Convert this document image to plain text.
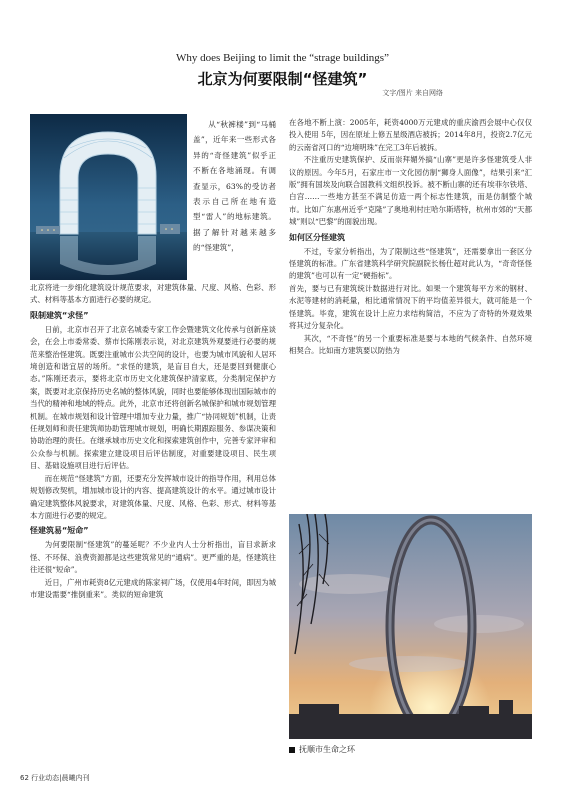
Why does Beijing to limit the “strage buildings”
北京为何要限制“怪建筑”
文字/图片 来自网络
抚顺市生命之环

从“秋裤楼”到“马桶盖”，近年来一些形式各异的“奇怪建筑”似乎正不断在各地涌现。有调查显示，63%的受访者表示自己所在地有造型“雷人”的地标建筑。据了解针对越来越多的“怪建筑”，

北京将进一步细化建筑设计规范要求，对建筑体量、尺度、风格、色彩、形式、材料等基本方面进行必要的规定。

限制建筑“求怪”

日前，北京市召开了北京名城委专家工作会暨建筑文化传承与创新座谈会，在会上市委常委、蔡市长陈刚表示说，对北京建筑外观要进行必要的规范来整治怪建筑。既要注重城市公共空间的设计，也要为城市风貌和人居环境创造和谐宜居的场所。“求怪的建筑，是盲目自大，还是要回到健康心态。”陈刚还表示，要将北京市历史文化建筑保护清家底，分类制定保护方案，既要对北京保持历史名城的整体风貌，同时也要能够体现出国际城市的当代的精神和地域的特点。此外，北京市还将创新名城保护和城市规划管理机制。在城市规划和设计管理中增加专业力量，推广“协同规划”机制，让责任规划师和责任建筑师协助管理城市规划，明确长期跟踪服务、参谋决策和协助治理的责任。在继承城市历史文化和探索建筑创作中，完善专家评审和公众参与机制。探索建立建设项目后评估制度，对重要建设项目、民生项目、基础设施项目进行后评估。

而在规范“怪建筑”方面，还要充分发挥城市设计的指导作用，利用总体规划修改契机，增加城市设计的内容、提高建筑设计的水平。通过城市设计确定建筑整体风貌要求，对建筑体量、尺度、风格、色彩、形式、材料等基本方面进行必要的规定。

怪建筑易“短命”

为何要限制“怪建筑”的蔓延呢？不少业内人士分析指出，盲目求新求怪、不环保、浪费资源都是这些建筑常见的“通病”。更严重的是，怪建筑往往还很“短命”。

近日，广州市耗资8亿元建成的陈家祠广场，仅使用4年时间，即因为城市建设需要“推倒重来”。类似的短命建筑

在各地不断上演：2005年，耗资4000万元建成的重庆渝西会展中心仅仅投入使用 5年，因在原址上修五星级酒店被拆；2014年8月，投资2.7亿元的云南省河口的“边境明珠”在完工3年后被拆。

不注重历史建筑保护、反而崇拜媚外搞“山寨”更是许多怪建筑受人非议的原因。今年5月，石家庄市一文化园仿制“狮身人面像”，结果引来“汇版”拥有国埃及向联合国教科文组织投诉。被不断山寨的还有埃菲尔铁塔、白宫……一些地方甚至不满足仿造一两个标志性建筑，而是仿制整个城市。比如广东惠州近乎“克隆”了奥地利村庄哈尔斯塔特，杭州市郊的“天都城”则以“巴黎”的面貌出现。

如何区分怪建筑

不过，专家分析指出，为了限制这些“怪建筑”，还需要拿出一套区分怪建筑的标准。广东省建筑科学研究院副院长杨仕超对此认为，“奇奇怪怪的建筑”也可以有一定“硬指标”。

首先，要与已有建筑统计数据进行对比。如果一个建筑每平方米的钢材、水泥等建材的消耗量，相比通常情况下的平均值差异很大，就可能是一个怪建筑。毕竟，建筑在设计上应力求结构简洁，不应为了奇特的外观效果将其过分复杂化。

其次，“不奇怪”的另一个重要标准是要与本地的气候条件、自然环境相契合。比如南方建筑要以防热为

62 行业动态|晨曦内刊
